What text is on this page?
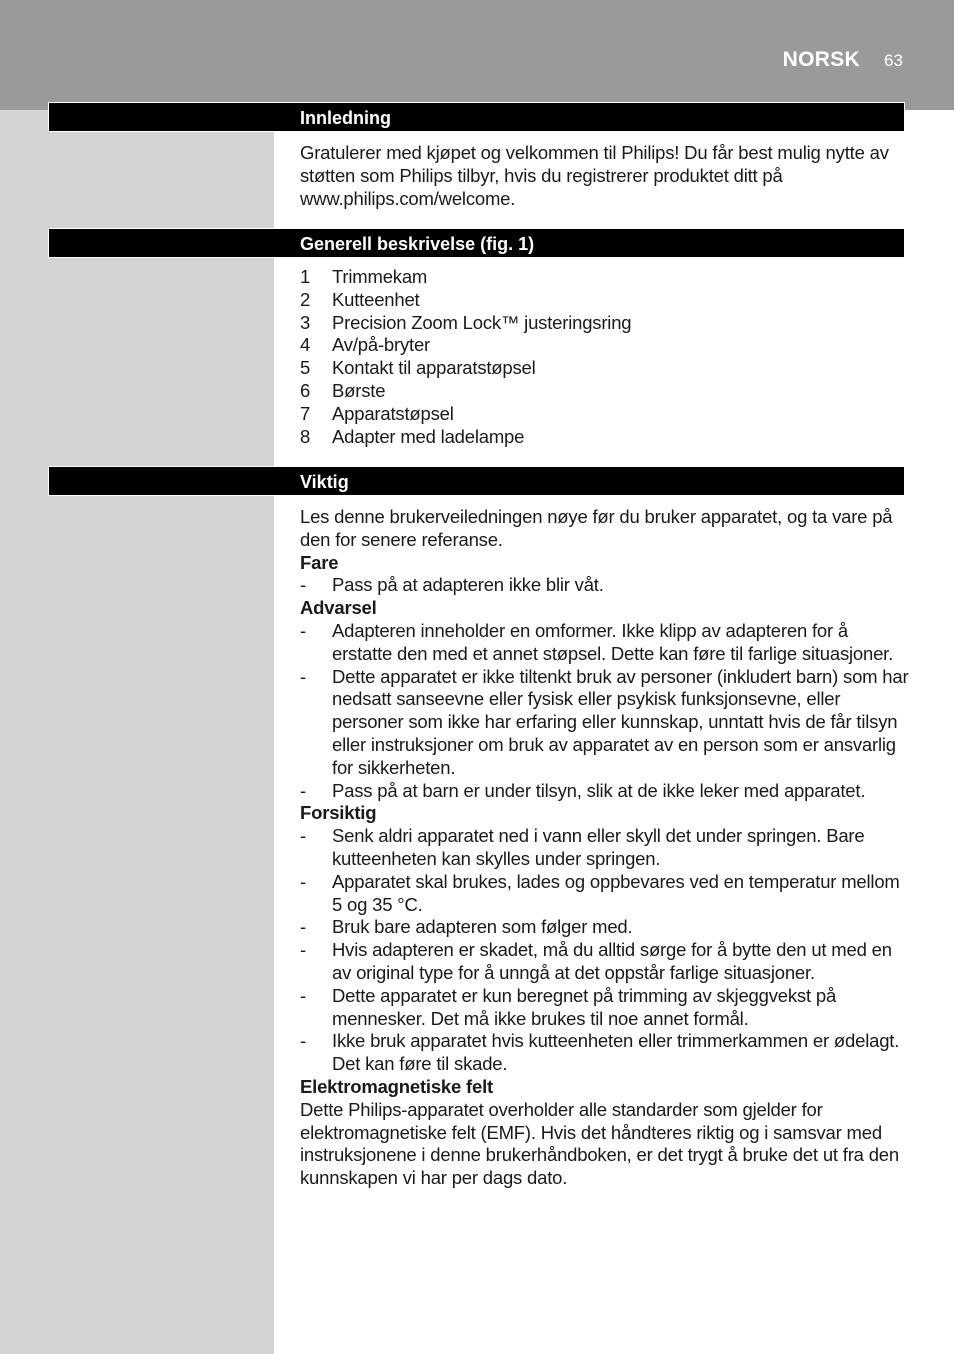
NORSK 63
Innledning

Gratulerer med kjøpet og velkommen til Philips! Du får best mulig nytte av støtten som Philips tilbyr, hvis du registrerer produktet ditt på www.philips.com/welcome.

Generell beskrivelse (fig. 1)
1 Trimmekam
2 Kutteenhet
3 Precision Zoom Lock™ justeringsring
4 Av/på-bryter
5 Kontakt til apparatstøpsel
6 Børste
7 Apparatstøpsel
8 Adapter med ladelampe
Viktig

Les denne brukerveiledningen nøye før du bruker apparatet, og ta vare på den for senere referanse.

Fare

- Pass på at adapteren ikke blir våt.

Advarsel

- Adapteren inneholder en omformer. Ikke klipp av adapteren for å erstatte den med et annet støpsel. Dette kan føre til farlige situasjoner.
- Dette apparatet er ikke tiltenkt bruk av personer (inkludert barn) som har nedsatt sanseevne eller fysisk eller psykisk funksjonsevne, eller personer som ikke har erfaring eller kunnskap, unntatt hvis de får tilsyn eller instruksjoner om bruk av apparatet av en person som er ansvarlig for sikkerheten.
- Pass på at barn er under tilsyn, slik at de ikke leker med apparatet.

Forsiktig

- Senk aldri apparatet ned i vann eller skyll det under springen. Bare kutteenheten kan skylles under springen.
- Apparatet skal brukes, lades og oppbevares ved en temperatur mellom 5 og 35 °C.
- Bruk bare adapteren som følger med.
- Hvis adapteren er skadet, må du alltid sørge for å bytte den ut med en av original type for å unngå at det oppstår farlige situasjoner.
- Dette apparatet er kun beregnet på trimming av skjeggvekst på mennesker. Det må ikke brukes til noe annet formål.
- Ikke bruk apparatet hvis kutteenheten eller trimmerkammen er ødelagt. Det kan føre til skade.

Elektromagnetiske felt

Dette Philips-apparatet overholder alle standarder som gjelder for elektromagnetiske felt (EMF). Hvis det håndteres riktig og i samsvar med instruksjonene i denne brukerhåndboken, er det trygt å bruke det ut fra den kunnskapen vi har per dags dato.
